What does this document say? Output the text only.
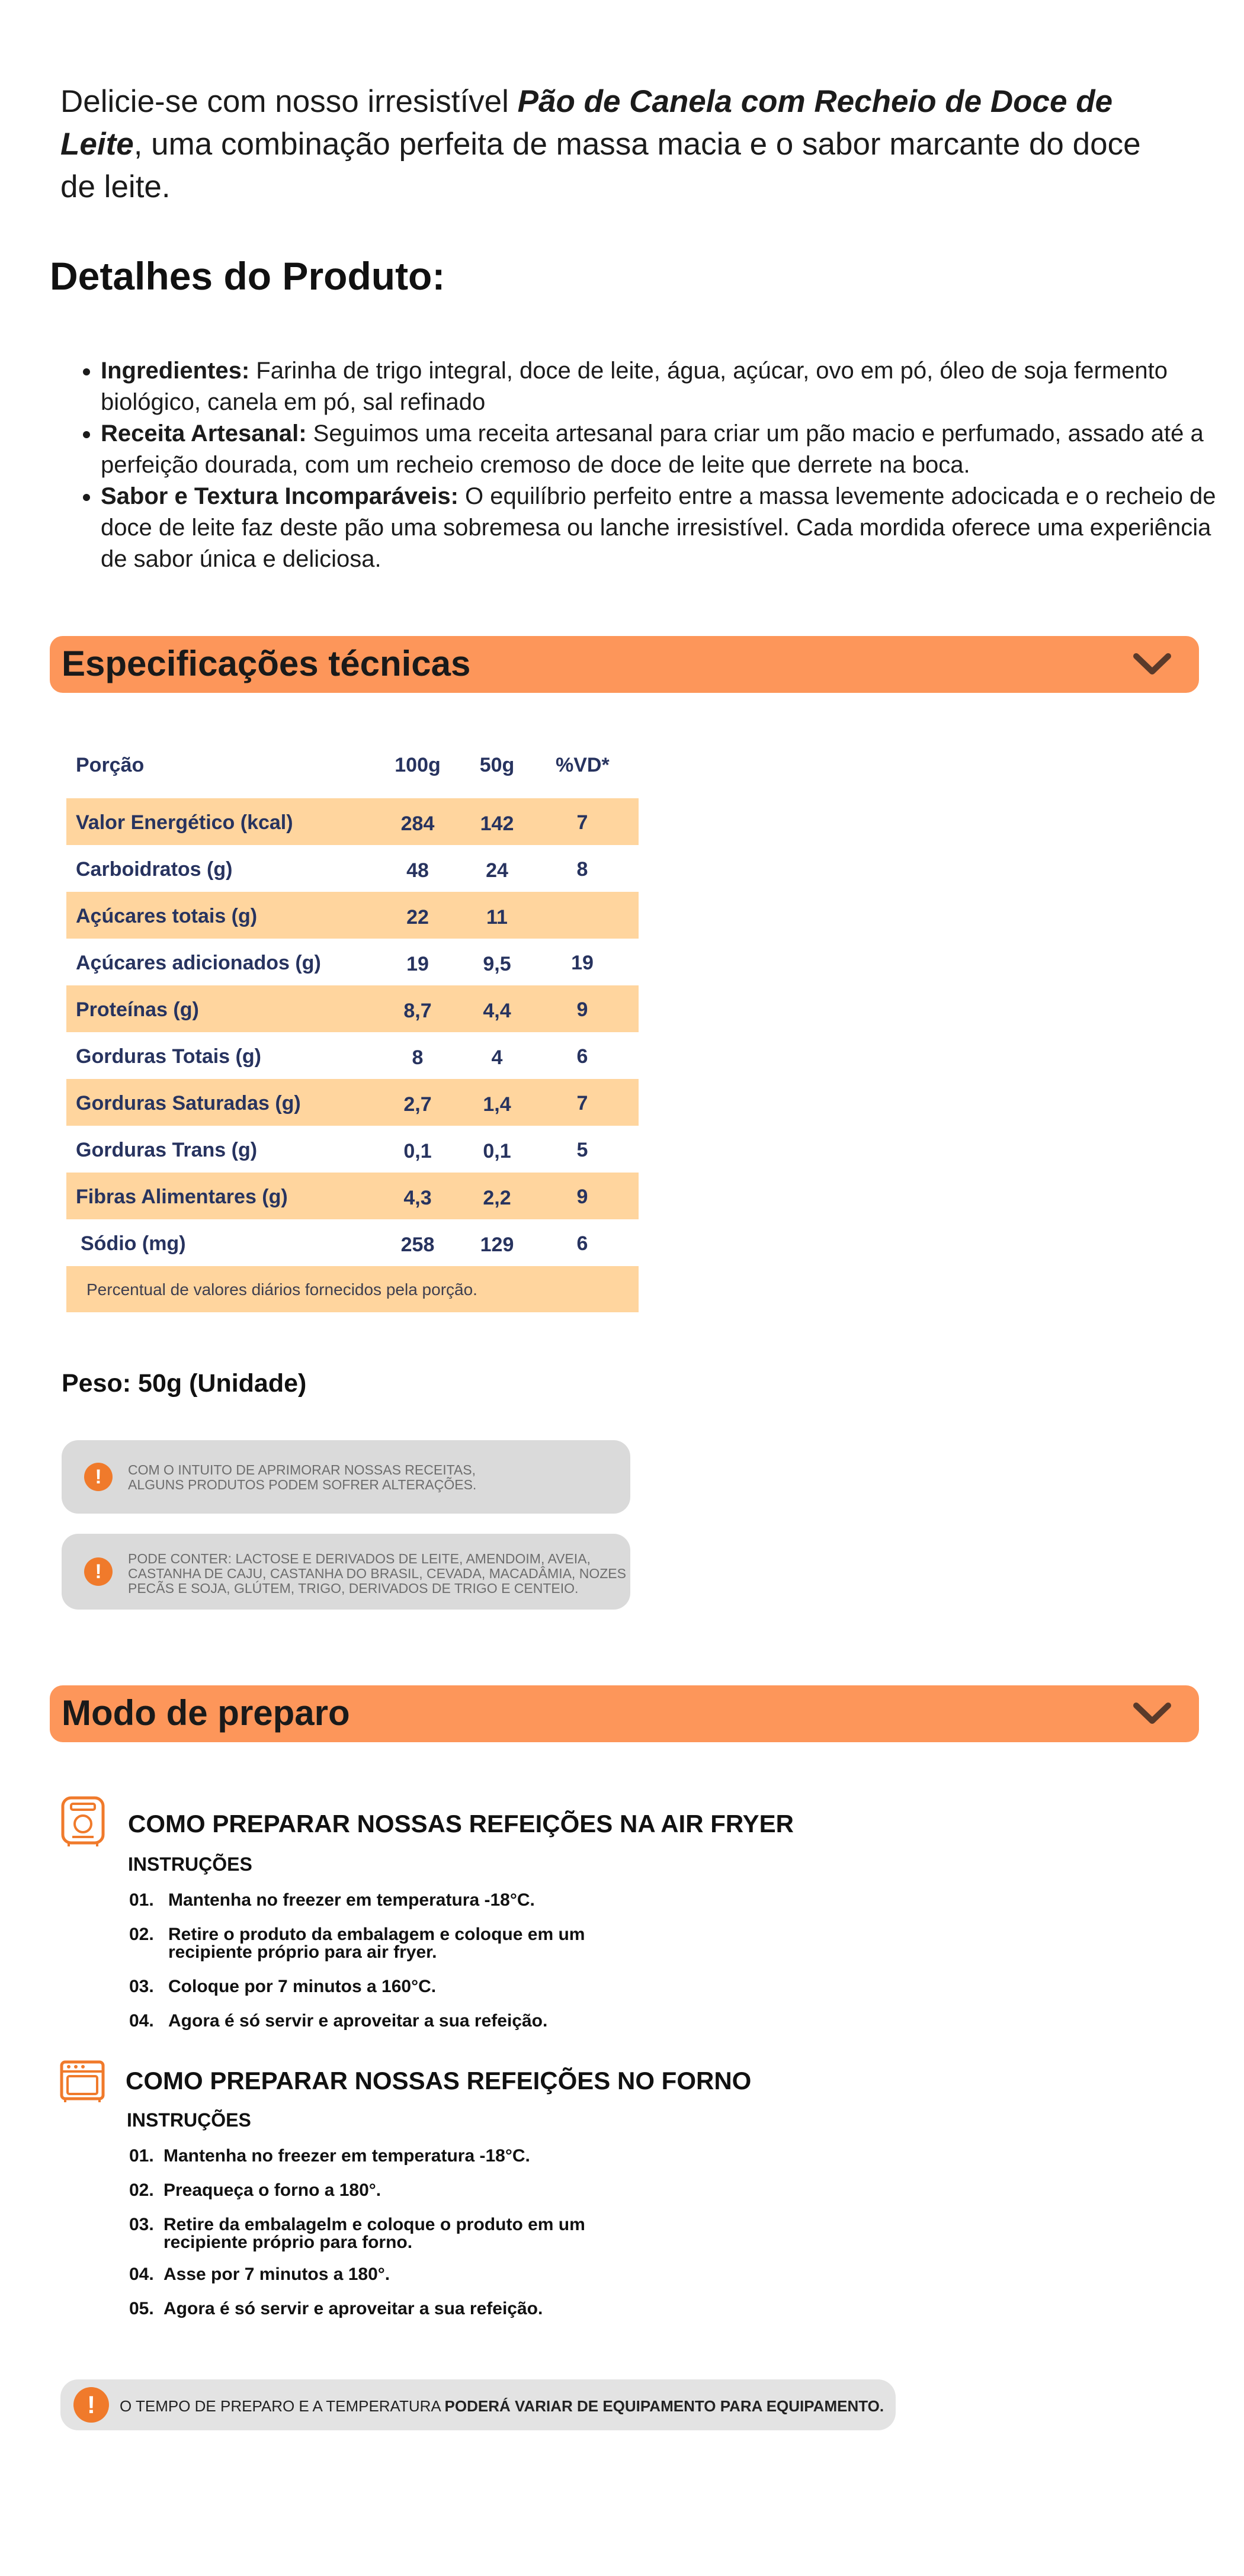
Delicie-se com nosso irresistível Pão de Canela com Recheio de Doce de Leite, uma combinação perfeita de massa macia e o sabor marcante do doce de leite.
Detalhes do Produto:
• Ingredientes: Farinha de trigo integral, doce de leite, água, açúcar, ovo em pó, óleo de soja fermento biológico, canela em pó, sal refinado
• Receita Artesanal: Seguimos uma receita artesanal para criar um pão macio e perfumado, assado até a perfeição dourada, com um recheio cremoso de doce de leite que derrete na boca.
• Sabor e Textura Incomparáveis: O equilíbrio perfeito entre a massa levemente adocicada e o recheio de doce de leite faz deste pão uma sobremesa ou lanche irresistível. Cada mordida oferece uma experiência de sabor única e deliciosa.
Especificações técnicas
Porção	100g	50g	%VD*
Valor Energético (kcal)	284	142	7
Carboidratos (g)	48	24	8
Açúcares totais (g)	22	11
Açúcares adicionados (g)	19	9,5	19
Proteínas (g)	8,7	4,4	9
Gorduras Totais (g)	8	4	6
Gorduras Saturadas (g)	2,7	1,4	7
Gorduras Trans (g)	0,1	0,1	5
Fibras Alimentares (g)	4,3	2,2	9
Sódio (mg)	258	129	6
Percentual de valores diários fornecidos pela porção.
Peso: 50g (Unidade)
!	COM O INTUITO DE APRIMORAR NOSSAS RECEITAS,
ALGUNS PRODUTOS PODEM SOFRER ALTERAÇÕES.
!
PODE CONTER: LACTOSE E DERIVADOS DE LEITE, AMENDOIM, AVEIA,
CASTANHA DE CAJU, CASTANHA DO BRASIL, CEVADA, MACADÂMIA, NOZES
PECÃS E SOJA, GLÚTEM, TRIGO, DERIVADOS DE TRIGO E CENTEIO.
Modo de preparo
COMO PREPARAR NOSSAS REFEIÇÕES NA AIR FRYER
INSTRUÇÕES
01. Mantenha no freezer em temperatura -18°C.
02. Retire o produto da embalagem e coloque em um recipiente próprio para air fryer.
03. Coloque por 7 minutos a 160°C.
04. Agora é só servir e aproveitar a sua refeição.
COMO PREPARAR NOSSAS REFEIÇÕES NO FORNO
INSTRUÇÕES
01. Mantenha no freezer em temperatura -18°C.
02. Preaqueça o forno a 180°.
03. Retire da embalagelm e coloque o produto em um recipiente próprio para forno.
04. Asse por 7 minutos a 180°.
05. Agora é só servir e aproveitar a sua refeição.
!	O TEMPO DE PREPARO E A TEMPERATURA PODERÁ VARIAR DE EQUIPAMENTO PARA EQUIPAMENTO.
